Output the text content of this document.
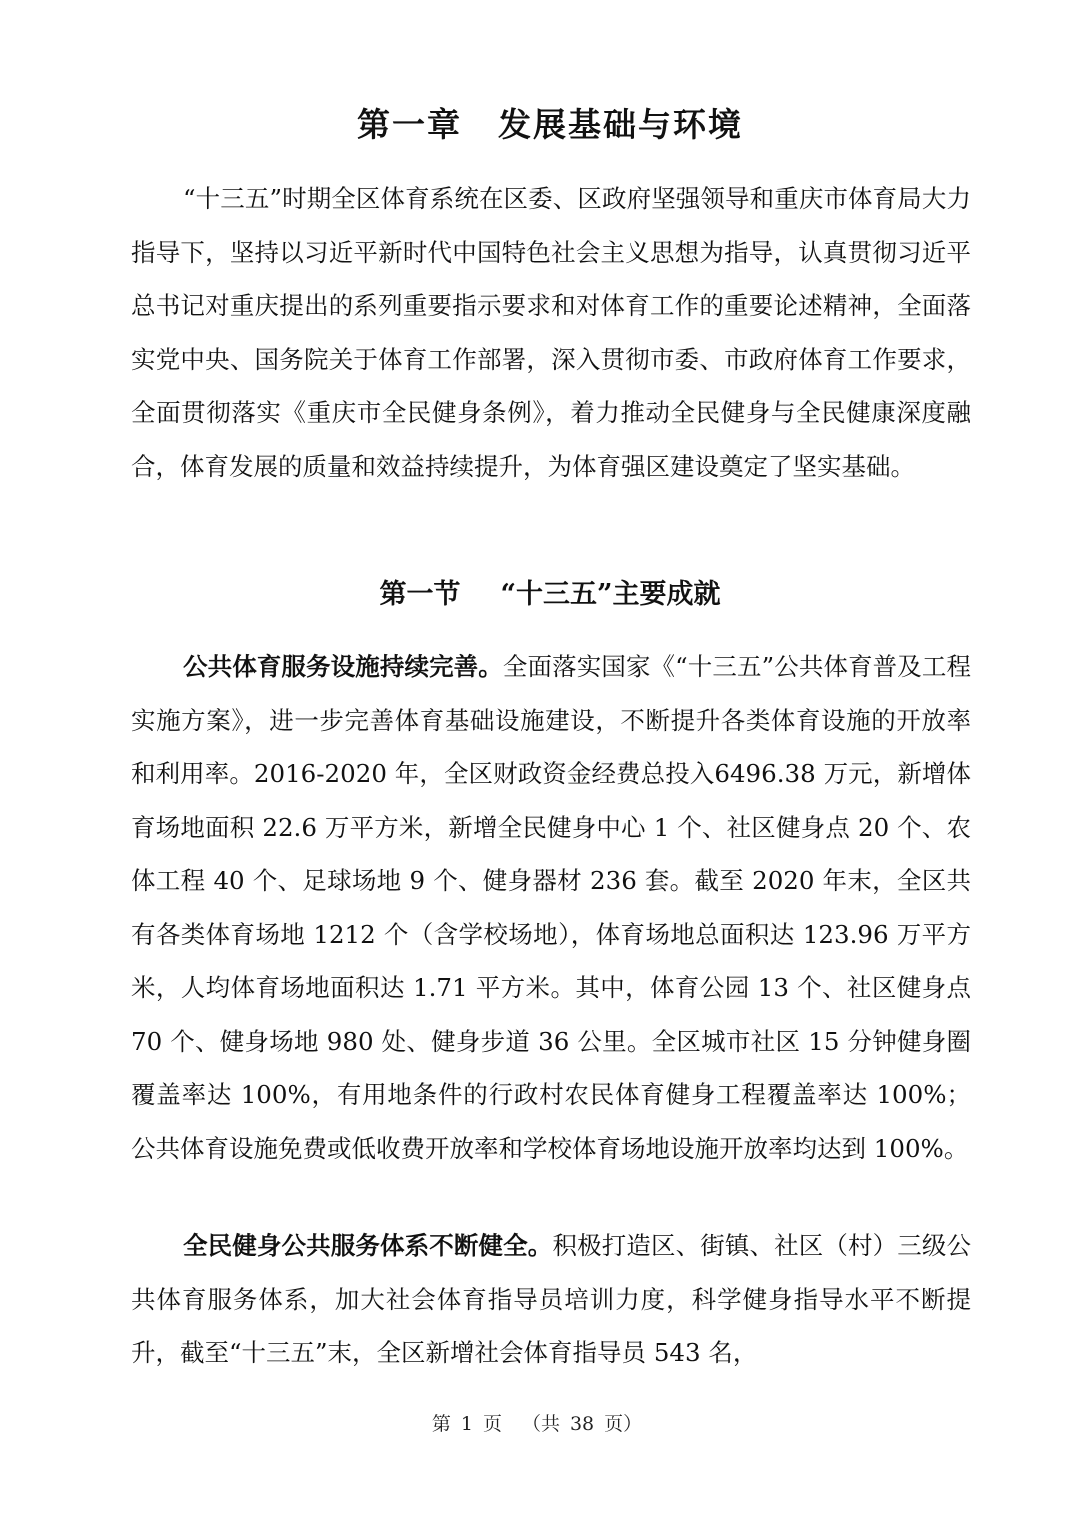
第一章 发展基础与环境

“十三五”时期全区体育系统在区委、区政府坚强领导和重庆市体育局大力指导下，坚持以习近平新时代中国特色社会主义思想为指导，认真贯彻习近平总书记对重庆提出的系列重要指示要求和对体育工作的重要论述精神，全面落实党中央、国务院关于体育工作部署，深入贯彻市委、市政府体育工作要求，全面贯彻落实《重庆市全民健身条例》，着力推动全民健身与全民健康深度融合，体育发展的质量和效益持续提升，为体育强区建设奠定了坚实基础。

第一节 “十三五”主要成就

公共体育服务设施持续完善。全面落实国家《“十三五”公共体育普及工程实施方案》，进一步完善体育基础设施建设，不断提升各类体育设施的开放率和利用率。2016-2020 年，全区财政资金经费总投入6496.38 万元，新增体育场地面积 22.6 万平方米，新增全民健身中心 1 个、社区健身点 20 个、农体工程 40 个、足球场地 9 个、健身器材 236 套。截至 2020 年末，全区共有各类体育场地 1212 个（含学校场地），体育场地总面积达 123.96 万平方米，人均体育场地面积达 1.71 平方米。其中，体育公园 13 个、社区健身点 70 个、健身场地 980 处、健身步道 36 公里。全区城市社区 15 分钟健身圈覆盖率达 100%，有用地条件的行政村农民体育健身工程覆盖率达 100%；公共体育设施免费或低收费开放率和学校体育场地设施开放率均达到 100%。

全民健身公共服务体系不断健全。积极打造区、街镇、社区（村）三级公共体育服务体系，加大社会体育指导员培训力度，科学健身指导水平不断提升，截至“十三五”末，全区新增社会体育指导员 543 名，

第 1 页 （共 38 页）
